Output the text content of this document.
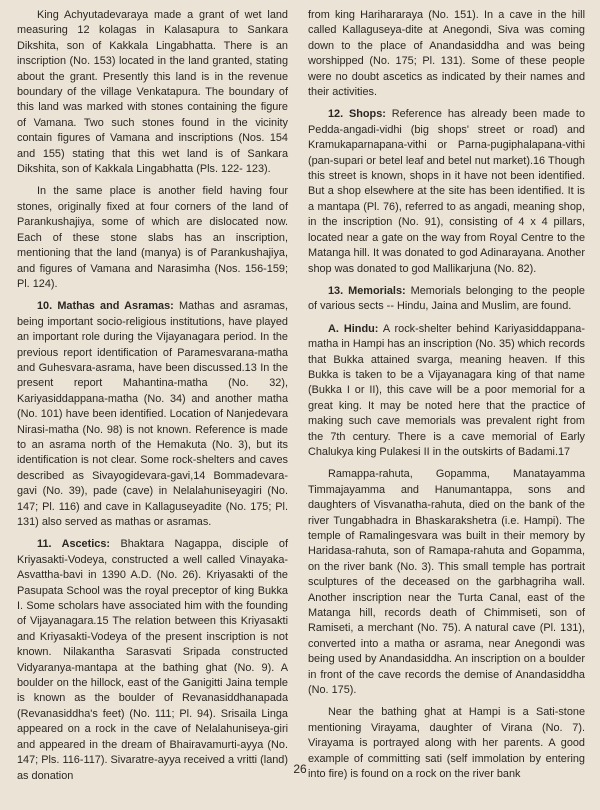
King Achyutadevaraya made a grant of wet land measuring 12 kolagas in Kalasapura to Sankara Dikshita, son of Kakkala Lingabhatta. There is an inscription (No. 153) located in the land granted, stating about the grant. Presently this land is in the revenue boundary of the village Venkatapura. The boundary of this land was marked with stones containing the figure of Vamana. Two such stones found in the vicinity contain figures of Vamana and inscriptions (Nos. 154 and 155) stating that this wet land is of Sankara Dikshita, son of Kakkala Lingabhatta (Pls. 122- 123).

In the same place is another field having four stones, originally fixed at four corners of the land of Parankushajiya, some of which are dislocated now. Each of these stone slabs has an inscription, mentioning that the land (manya) is of Parankushajiya, and figures of Vamana and Narasimha (Nos. 156-159; Pl. 124).

10. Mathas and Asramas: Mathas and asramas, being important socio-religious institutions, have played an important role during the Vijayanagara period. In the previous report identification of Paramesvarana-matha and Guhesvara-asrama, have been discussed.13 In the present report Mahantina-matha (No. 32), Kariyasiddappana-matha (No. 34) and another matha (No. 101) have been identified. Location of Nanjedevara Nirasi-matha (No. 98) is not known. Reference is made to an asrama north of the Hemakuta (No. 3), but its identification is not clear. Some rock-shelters and caves described as Sivayogidevara-gavi,14 Bommadevara-gavi (No. 39), pade (cave) in Nelalahuniseyagiri (No. 147; Pl. 116) and cave in Kallaguseyadite (No. 175; Pl. 131) also served as mathas or asramas.

11. Ascetics: Bhaktara Nagappa, disciple of Kriyasakti-Vodeya, constructed a well called Vinayaka-Asvattha-bavi in 1390 A.D. (No. 26). Kriyasakti of the Pasupata School was the royal preceptor of king Bukka I. Some scholars have associated him with the founding of Vijayanagara.15 The relation between this Kriyasakti and Kriyasakti-Vodeya of the present inscription is not known. Nilakantha Sarasvati Sripada constructed Vidyaranya-mantapa at the bathing ghat (No. 9). A boulder on the hillock, east of the Ganigitti Jaina temple is known as the boulder of Revanasiddhanapada (Revanasiddha's feet) (No. 111; Pl. 94). Srisaila Linga appeared on a rock in the cave of Nelalahuniseya-giri and appeared in the dream of Bhairavamurti-ayya (No. 147; Pls. 116-117). Sivaratre-ayya received a vritti (land) as donation

from king Harihararaya (No. 151). In a cave in the hill called Kallaguseya-dite at Anegondi, Siva was coming down to the place of Anandasiddha and was being worshipped (No. 175; Pl. 131). Some of these people were no doubt ascetics as indicated by their names and their activities.

12. Shops: Reference has already been made to Pedda-angadi-vidhi (big shops' street or road) and Kramukaparnapana-vithi or Parna-pugiphalapana-vithi (pan-supari or betel leaf and betel nut market).16 Though this street is known, shops in it have not been identified. But a shop elsewhere at the site has been identified. It is a mantapa (Pl. 76), referred to as angadi, meaning shop, in the inscription (No. 91), consisting of 4 x 4 pillars, located near a gate on the way from Royal Centre to the Matanga hill. It was donated to god Adinarayana. Another shop was donated to god Mallikarjuna (No. 82).

13. Memorials: Memorials belonging to the people of various sects -- Hindu, Jaina and Muslim, are found.

A. Hindu: A rock-shelter behind Kariyasiddappana-matha in Hampi has an inscription (No. 35) which records that Bukka attained svarga, meaning heaven. If this Bukka is taken to be a Vijayanagara king of that name (Bukka I or II), this cave will be a poor memorial for a great king. It may be noted here that the practice of making such cave memorials was prevalent right from the 7th century. There is a cave memorial of Early Chalukya king Pulakesi II in the outskirts of Badami.17

Ramappa-rahuta, Gopamma, Manatayamma Timmajayamma and Hanumantappa, sons and daughters of Visvanatha-rahuta, died on the bank of the river Tungabhadra in Bhaskarakshetra (i.e. Hampi). The temple of Ramalingesvara was built in their memory by Haridasa-rahuta, son of Ramapa-rahuta and Gopamma, on the river bank (No. 3). This small temple has portrait sculptures of the deceased on the garbhagriha wall. Another inscription near the Turta Canal, east of the Matanga hill, records death of Chimmiseti, son of Ramiseti, a merchant (No. 75). A natural cave (Pl. 131), converted into a matha or asrama, near Anegondi was being used by Anandasiddha. An inscription on a boulder in front of the cave records the demise of Anandasiddha (No. 175).

Near the bathing ghat at Hampi is a Sati-stone mentioning Virayama, daughter of Virana (No. 7). Virayama is portrayed along with her parents. A good example of committing sati (self immolation by entering into fire) is found on a rock on the river bank

26
